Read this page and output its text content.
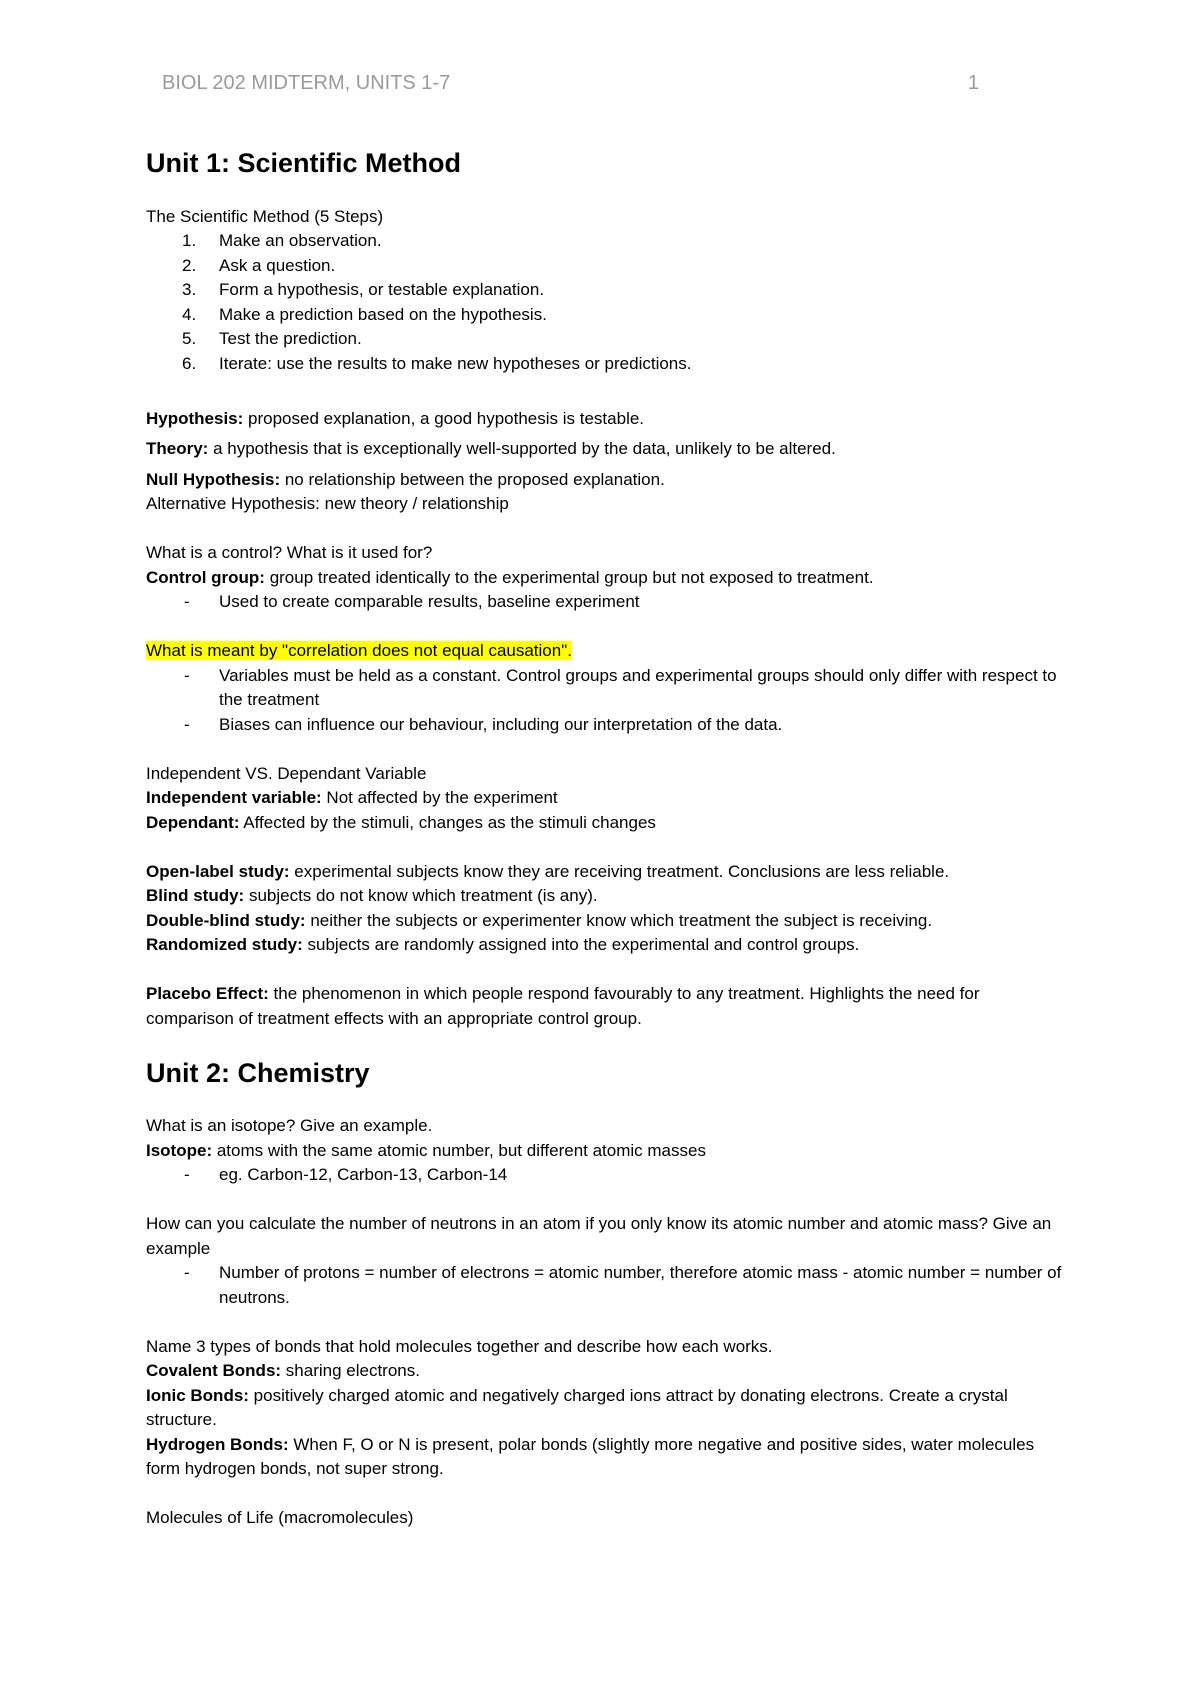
BIOL 202 MIDTERM, UNITS 1-7	1
Unit 1: Scientific Method

The Scientific Method (5 Steps)

1. Make an observation.
2. Ask a question.
3. Form a hypothesis, or testable explanation.
4. Make a prediction based on the hypothesis.
5. Test the prediction.
6. Iterate: use the results to make new hypotheses or predictions.

Hypothesis: proposed explanation, a good hypothesis is testable.

Theory: a hypothesis that is exceptionally well-supported by the data, unlikely to be altered.

Null Hypothesis: no relationship between the proposed explanation.

Alternative Hypothesis: new theory / relationship

What is a control? What is it used for?

Control group: group treated identically to the experimental group but not exposed to treatment.

- Used to create comparable results, baseline experiment

What is meant by "correlation does not equal causation".

- Variables must be held as a constant. Control groups and experimental groups should only differ with respect to the treatment
- Biases can influence our behaviour, including our interpretation of the data.

Independent VS. Dependant Variable

Independent variable: Not affected by the experiment

Dependant: Affected by the stimuli, changes as the stimuli changes

Open-label study: experimental subjects know they are receiving treatment. Conclusions are less reliable.

Blind study: subjects do not know which treatment (is any).

Double-blind study: neither the subjects or experimenter know which treatment the subject is receiving.

Randomized study: subjects are randomly assigned into the experimental and control groups.

Placebo Effect: the phenomenon in which people respond favourably to any treatment. Highlights the need for comparison of treatment effects with an appropriate control group.

Unit 2: Chemistry

What is an isotope? Give an example.

Isotope: atoms with the same atomic number, but different atomic masses

- eg. Carbon-12, Carbon-13, Carbon-14

How can you calculate the number of neutrons in an atom if you only know its atomic number and atomic mass? Give an example

- Number of protons = number of electrons = atomic number, therefore atomic mass - atomic number = number of neutrons.

Name 3 types of bonds that hold molecules together and describe how each works.

Covalent Bonds: sharing electrons.

Ionic Bonds: positively charged atomic and negatively charged ions attract by donating electrons. Create a crystal structure.

Hydrogen Bonds: When F, O or N is present, polar bonds (slightly more negative and positive sides, water molecules form hydrogen bonds, not super strong.

Molecules of Life (macromolecules)
